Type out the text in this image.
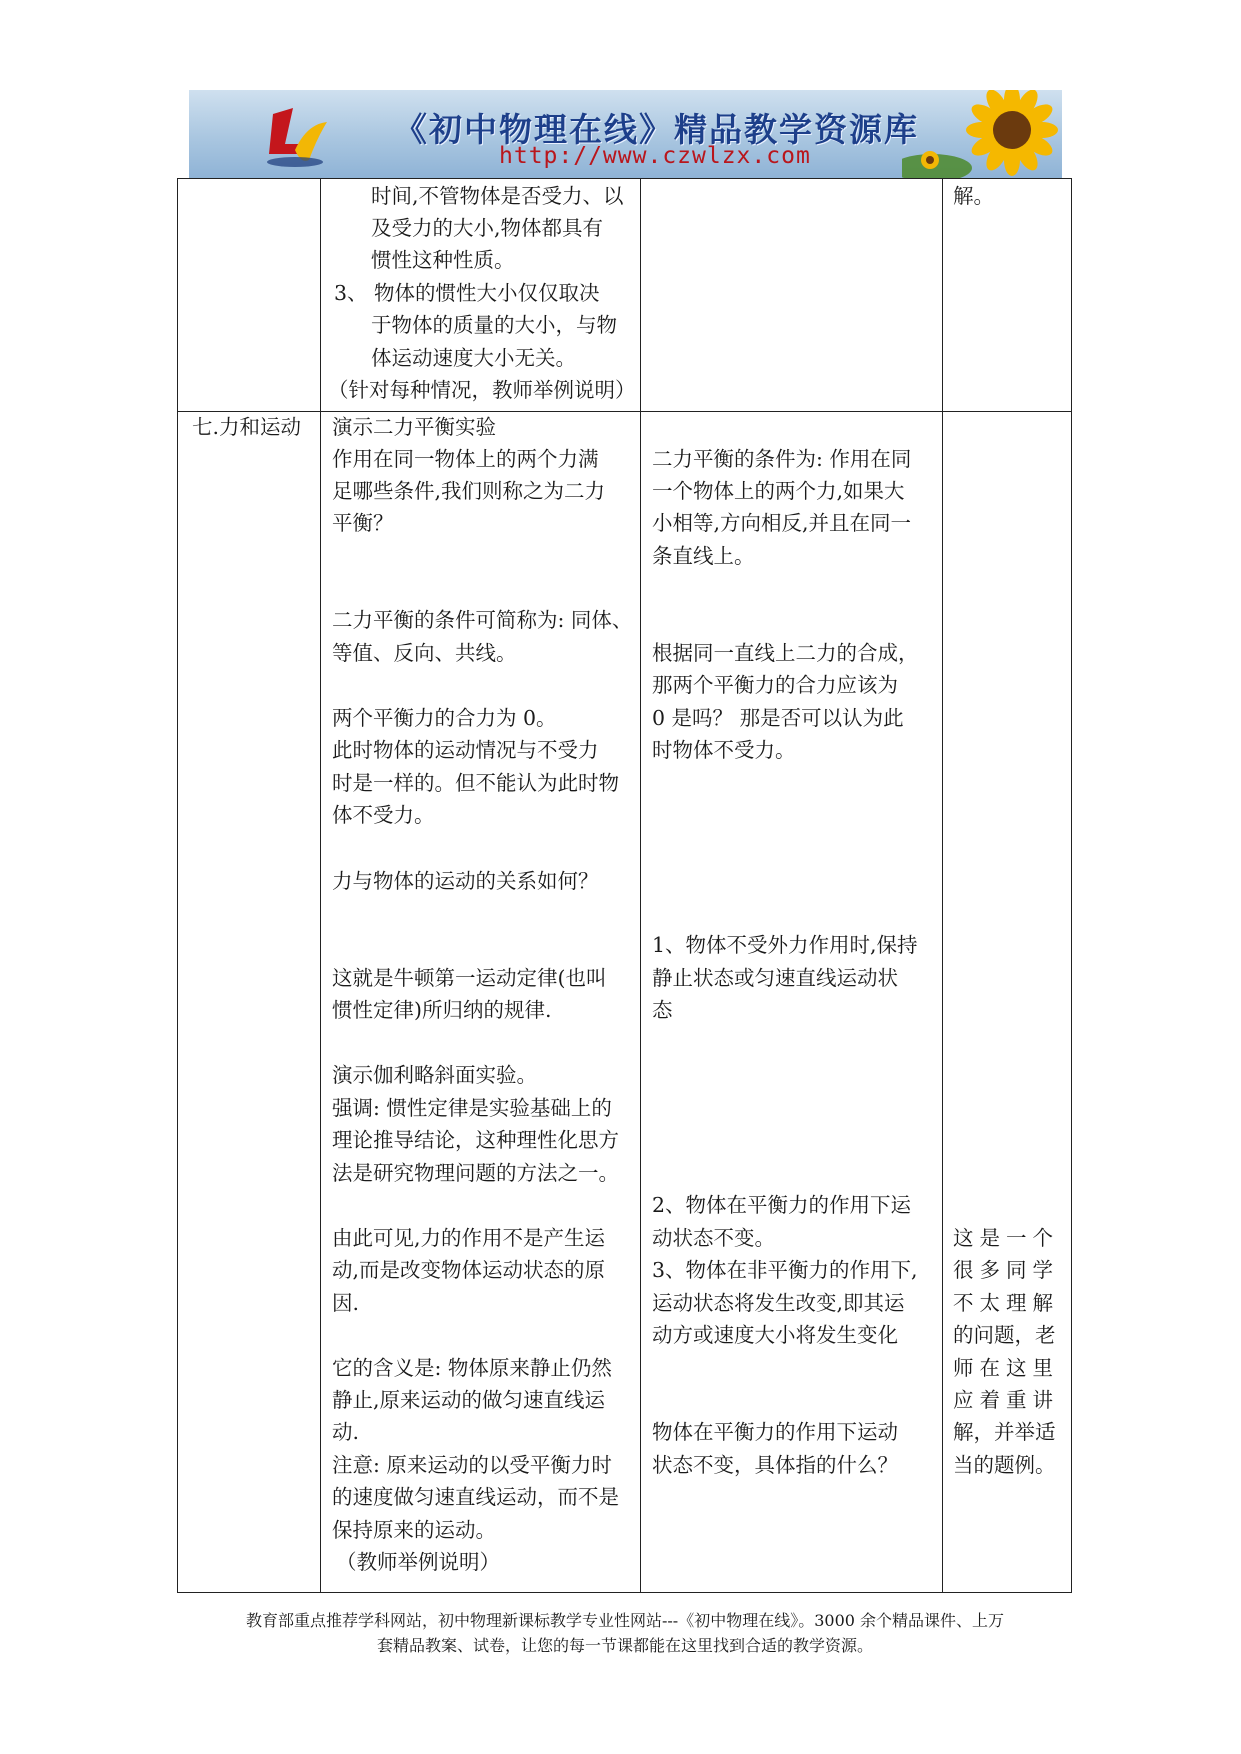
《初中物理在线》精品教学资源库
http://www.czwlzx.com
时间,不管物体是否受力、以
及受力的大小,物体都具有
惯性这种性质。
3、 物体的惯性大小仅仅取决
于物体的质量的大小，与物
体运动速度大小无关。
（针对每种情况，教师举例说明）
解。
七.力和运动 演示二力平衡实验
作用在同一物体上的两个力满
足哪些条件,我们则称之为二力
平衡？
二力平衡的条件可简称为: 同体、
等值、反向、共线。
两个平衡力的合力为 0。
此时物体的运动情况与不受力
时是一样的。但不能认为此时物
体不受力。
力与物体的运动的关系如何？
这就是牛顿第一运动定律(也叫
惯性定律)所归纳的规律.
演示伽利略斜面实验。
强调: 惯性定律是实验基础上的
理论推导结论，这种理性化思方
法是研究物理问题的方法之一。
由此可见,力的作用不是产生运
动,而是改变物体运动状态的原
因.
它的含义是: 物体原来静止仍然
静止,原来运动的做匀速直线运
动.
注意: 原来运动的以受平衡力时
的速度做匀速直线运动，而不是
保持原来的运动。
（教师举例说明）
二力平衡的条件为: 作用在同
一个物体上的两个力,如果大
小相等,方向相反,并且在同一
条直线上。
根据同一直线上二力的合成，
那两个平衡力的合力应该为
0 是吗？ 那是否可以认为此
时物体不受力。
1、物体不受外力作用时,保持
静止状态或匀速直线运动状
态
2、物体在平衡力的作用下运
动状态不变。
3、物体在非平衡力的作用下,
运动状态将发生改变,即其运
动方或速度大小将发生变化
物体在平衡力的作用下运动
状态不变，具体指的什么？
这是一个
很多同学
不太理解
的问题，老
师在这里
应着重讲
解，并举适
当的题例。
教育部重点推荐学科网站，初中物理新课标教学专业性网站---《初中物理在线》。3000 余个精品课件、上万
套精品教案、试卷，让您的每一节课都能在这里找到合适的教学资源。
